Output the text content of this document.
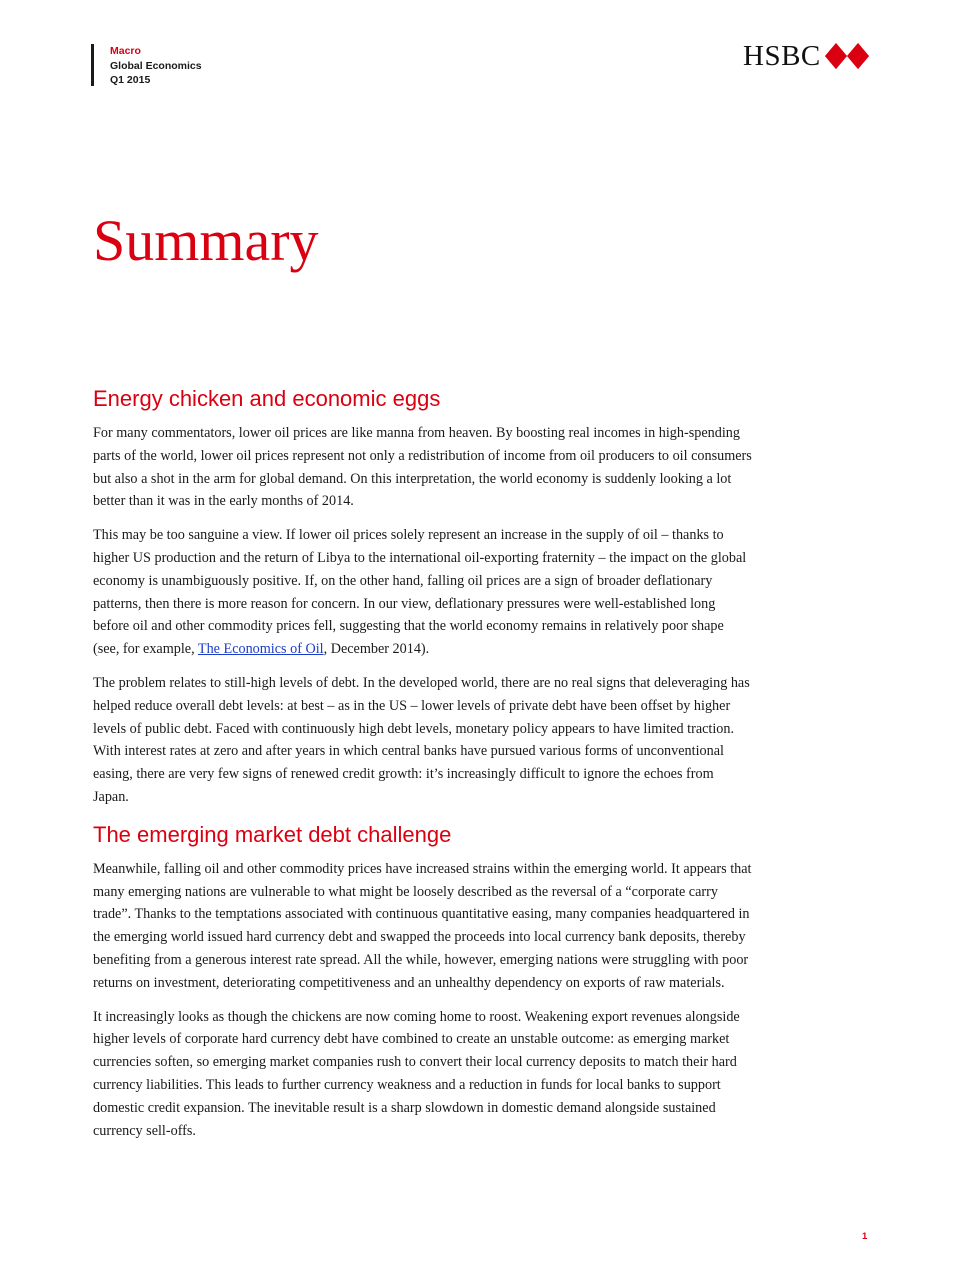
Macro
Global Economics
Q1 2015
HSBC
Summary
Energy chicken and economic eggs

For many commentators, lower oil prices are like manna from heaven. By boosting real incomes in high-spending parts of the world, lower oil prices represent not only a redistribution of income from oil producers to oil consumers but also a shot in the arm for global demand. On this interpretation, the world economy is suddenly looking a lot better than it was in the early months of 2014.

This may be too sanguine a view. If lower oil prices solely represent an increase in the supply of oil – thanks to higher US production and the return of Libya to the international oil-exporting fraternity – the impact on the global economy is unambiguously positive. If, on the other hand, falling oil prices are a sign of broader deflationary patterns, then there is more reason for concern. In our view, deflationary pressures were well-established long before oil and other commodity prices fell, suggesting that the world economy remains in relatively poor shape (see, for example, The Economics of Oil, December 2014).

The problem relates to still-high levels of debt. In the developed world, there are no real signs that deleveraging has helped reduce overall debt levels: at best – as in the US – lower levels of private debt have been offset by higher levels of public debt. Faced with continuously high debt levels, monetary policy appears to have limited traction. With interest rates at zero and after years in which central banks have pursued various forms of unconventional easing, there are very few signs of renewed credit growth: it’s increasingly difficult to ignore the echoes from Japan.

The emerging market debt challenge

Meanwhile, falling oil and other commodity prices have increased strains within the emerging world. It appears that many emerging nations are vulnerable to what might be loosely described as the reversal of a “corporate carry trade”. Thanks to the temptations associated with continuous quantitative easing, many companies headquartered in the emerging world issued hard currency debt and swapped the proceeds into local currency bank deposits, thereby benefiting from a generous interest rate spread. All the while, however, emerging nations were struggling with poor returns on investment, deteriorating competitiveness and an unhealthy dependency on exports of raw materials.

It increasingly looks as though the chickens are now coming home to roost. Weakening export revenues alongside higher levels of corporate hard currency debt have combined to create an unstable outcome: as emerging market currencies soften, so emerging market companies rush to convert their local currency deposits to match their hard currency liabilities. This leads to further currency weakness and a reduction in funds for local banks to support domestic credit expansion. The inevitable result is a sharp slowdown in domestic demand alongside sustained currency sell-offs.

1
